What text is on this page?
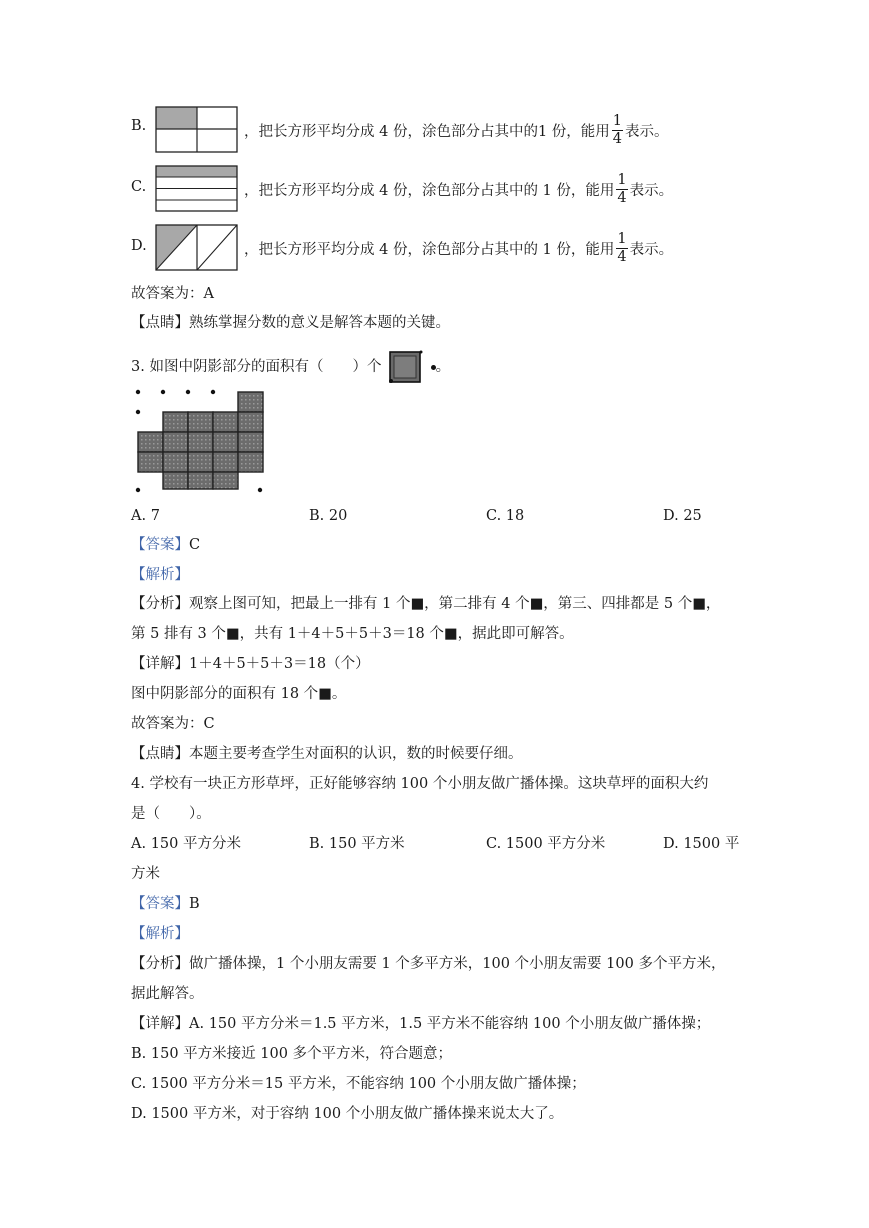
B.	，把长方形平均分成 4 份，涂色部分占其中的1 份，能用 $\frac{1}{4}$ 表示。
C.	，把长方形平均分成 4 份，涂色部分占其中的 1 份，能用 $\frac{1}{4}$ 表示。
D.	，把长方形平均分成 4 份，涂色部分占其中的 1 份，能用 $\frac{1}{4}$ 表示。
故答案为：A
【点睛】熟练掌握分数的意义是解答本题的关键。
3. 如图中阴影部分的面积有（　　）个	。
A. 7	B. 20	C. 18	D. 25
【答案】C
【解析】
【分析】观察上图可知，把最上一排有 1 个■，第二排有 4 个■，第三、四排都是 5 个■，
第 5 排有 3 个■，共有 1＋4＋5＋5＋3＝18 个■，据此即可解答。
【详解】1＋4＋5＋5＋3＝18（个）
图中阴影部分的面积有 18 个■。
故答案为：C
【点睛】本题主要考查学生对面积的认识，数的时候要仔细。
4. 学校有一块正方形草坪，正好能够容纳 100 个小朋友做广播体操。这块草坪的面积大约
是（　　）。
A. 150 平方分米	B. 150 平方米	C. 1500 平方分米	D. 1500 平
方米
【答案】B
【解析】
【分析】做广播体操，1 个小朋友需要 1 个多平方米，100 个小朋友需要 100 多个平方米，
据此解答。
【详解】A. 150 平方分米＝1.5 平方米，1.5 平方米不能容纳 100 个小朋友做广播体操；
B. 150 平方米接近 100 多个平方米，符合题意；
C. 1500 平方分米＝15 平方米，不能容纳 100 个小朋友做广播体操；
D. 1500 平方米，对于容纳 100 个小朋友做广播体操来说太大了。
